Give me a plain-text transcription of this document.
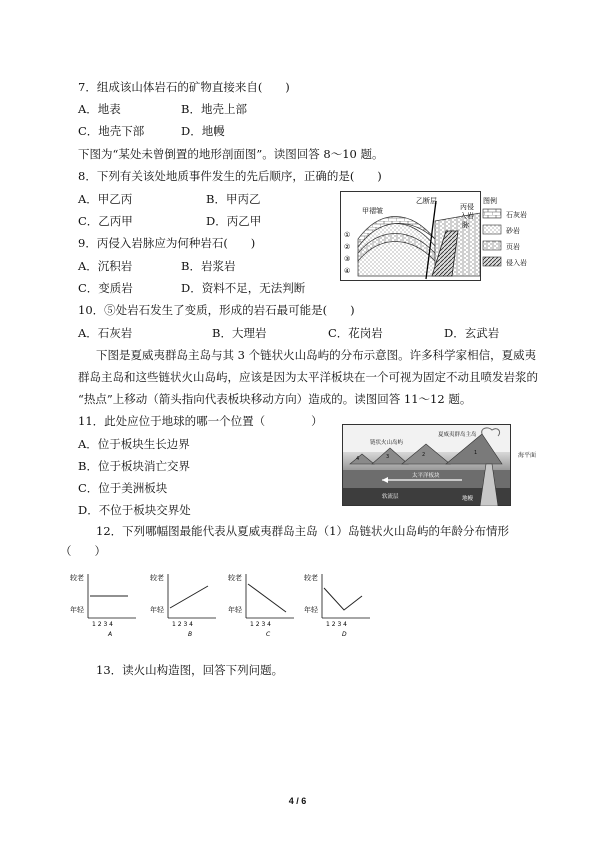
7．组成该山体岩石的矿物直接来自(　　)
A．地表	B．地壳上部
C．地壳下部	D．地幔
下图为“某处未曾倒置的地形剖面图”。读图回答 8～10 题。
8．下列有关该处地质事件发生的先后顺序，正确的是(　　)
A．甲乙丙	B．甲丙乙
C．乙丙甲	D．丙乙甲
9．丙侵入岩脉应为何种岩石(　　)
A．沉积岩	B．岩浆岩
C．变质岩	D．资料不足，无法判断
10．⑤处岩石发生了变质，形成的岩石最可能是(　　)
A．石灰岩	B．大理岩	C．花岗岩	D．玄武岩
下图是夏威夷群岛主岛与其 3 个链状火山岛屿的分布示意图。许多科学家相信，夏威夷
群岛主岛和这些链状火山岛屿，应该是因为太平洋板块在一个可视为固定不动且喷发岩浆的
“热点”上移动（箭头指向代表板块移动方向）造成的。读图回答 11～12 题。
11．此处应位于地球的哪一个位置（　　　　）
A．位于板块生长边界
B．位于板块消亡交界
C．位于美洲板块
D．不位于板块交界处
12．下列哪幅图最能代表从夏威夷群岛主岛（1）岛链状火山岛屿的年龄分布情形
（　　）
13．读火山构造图，回答下列问题。
甲褶皱
乙断层
丙侵
入岩
脉
①
②
③
④
图例
石灰岩
砂岩
页岩
侵入岩
链状火山岛屿
夏威夷群岛主岛
太平洋板块
软流层	地幔
海平面
4	3	2	1
较老
年轻
1 2 3 4
A
较老
年轻
1 2 3 4
B
较老
年轻
1 2 3 4
C
较老
年轻
1 2 3 4
D
4 / 6
